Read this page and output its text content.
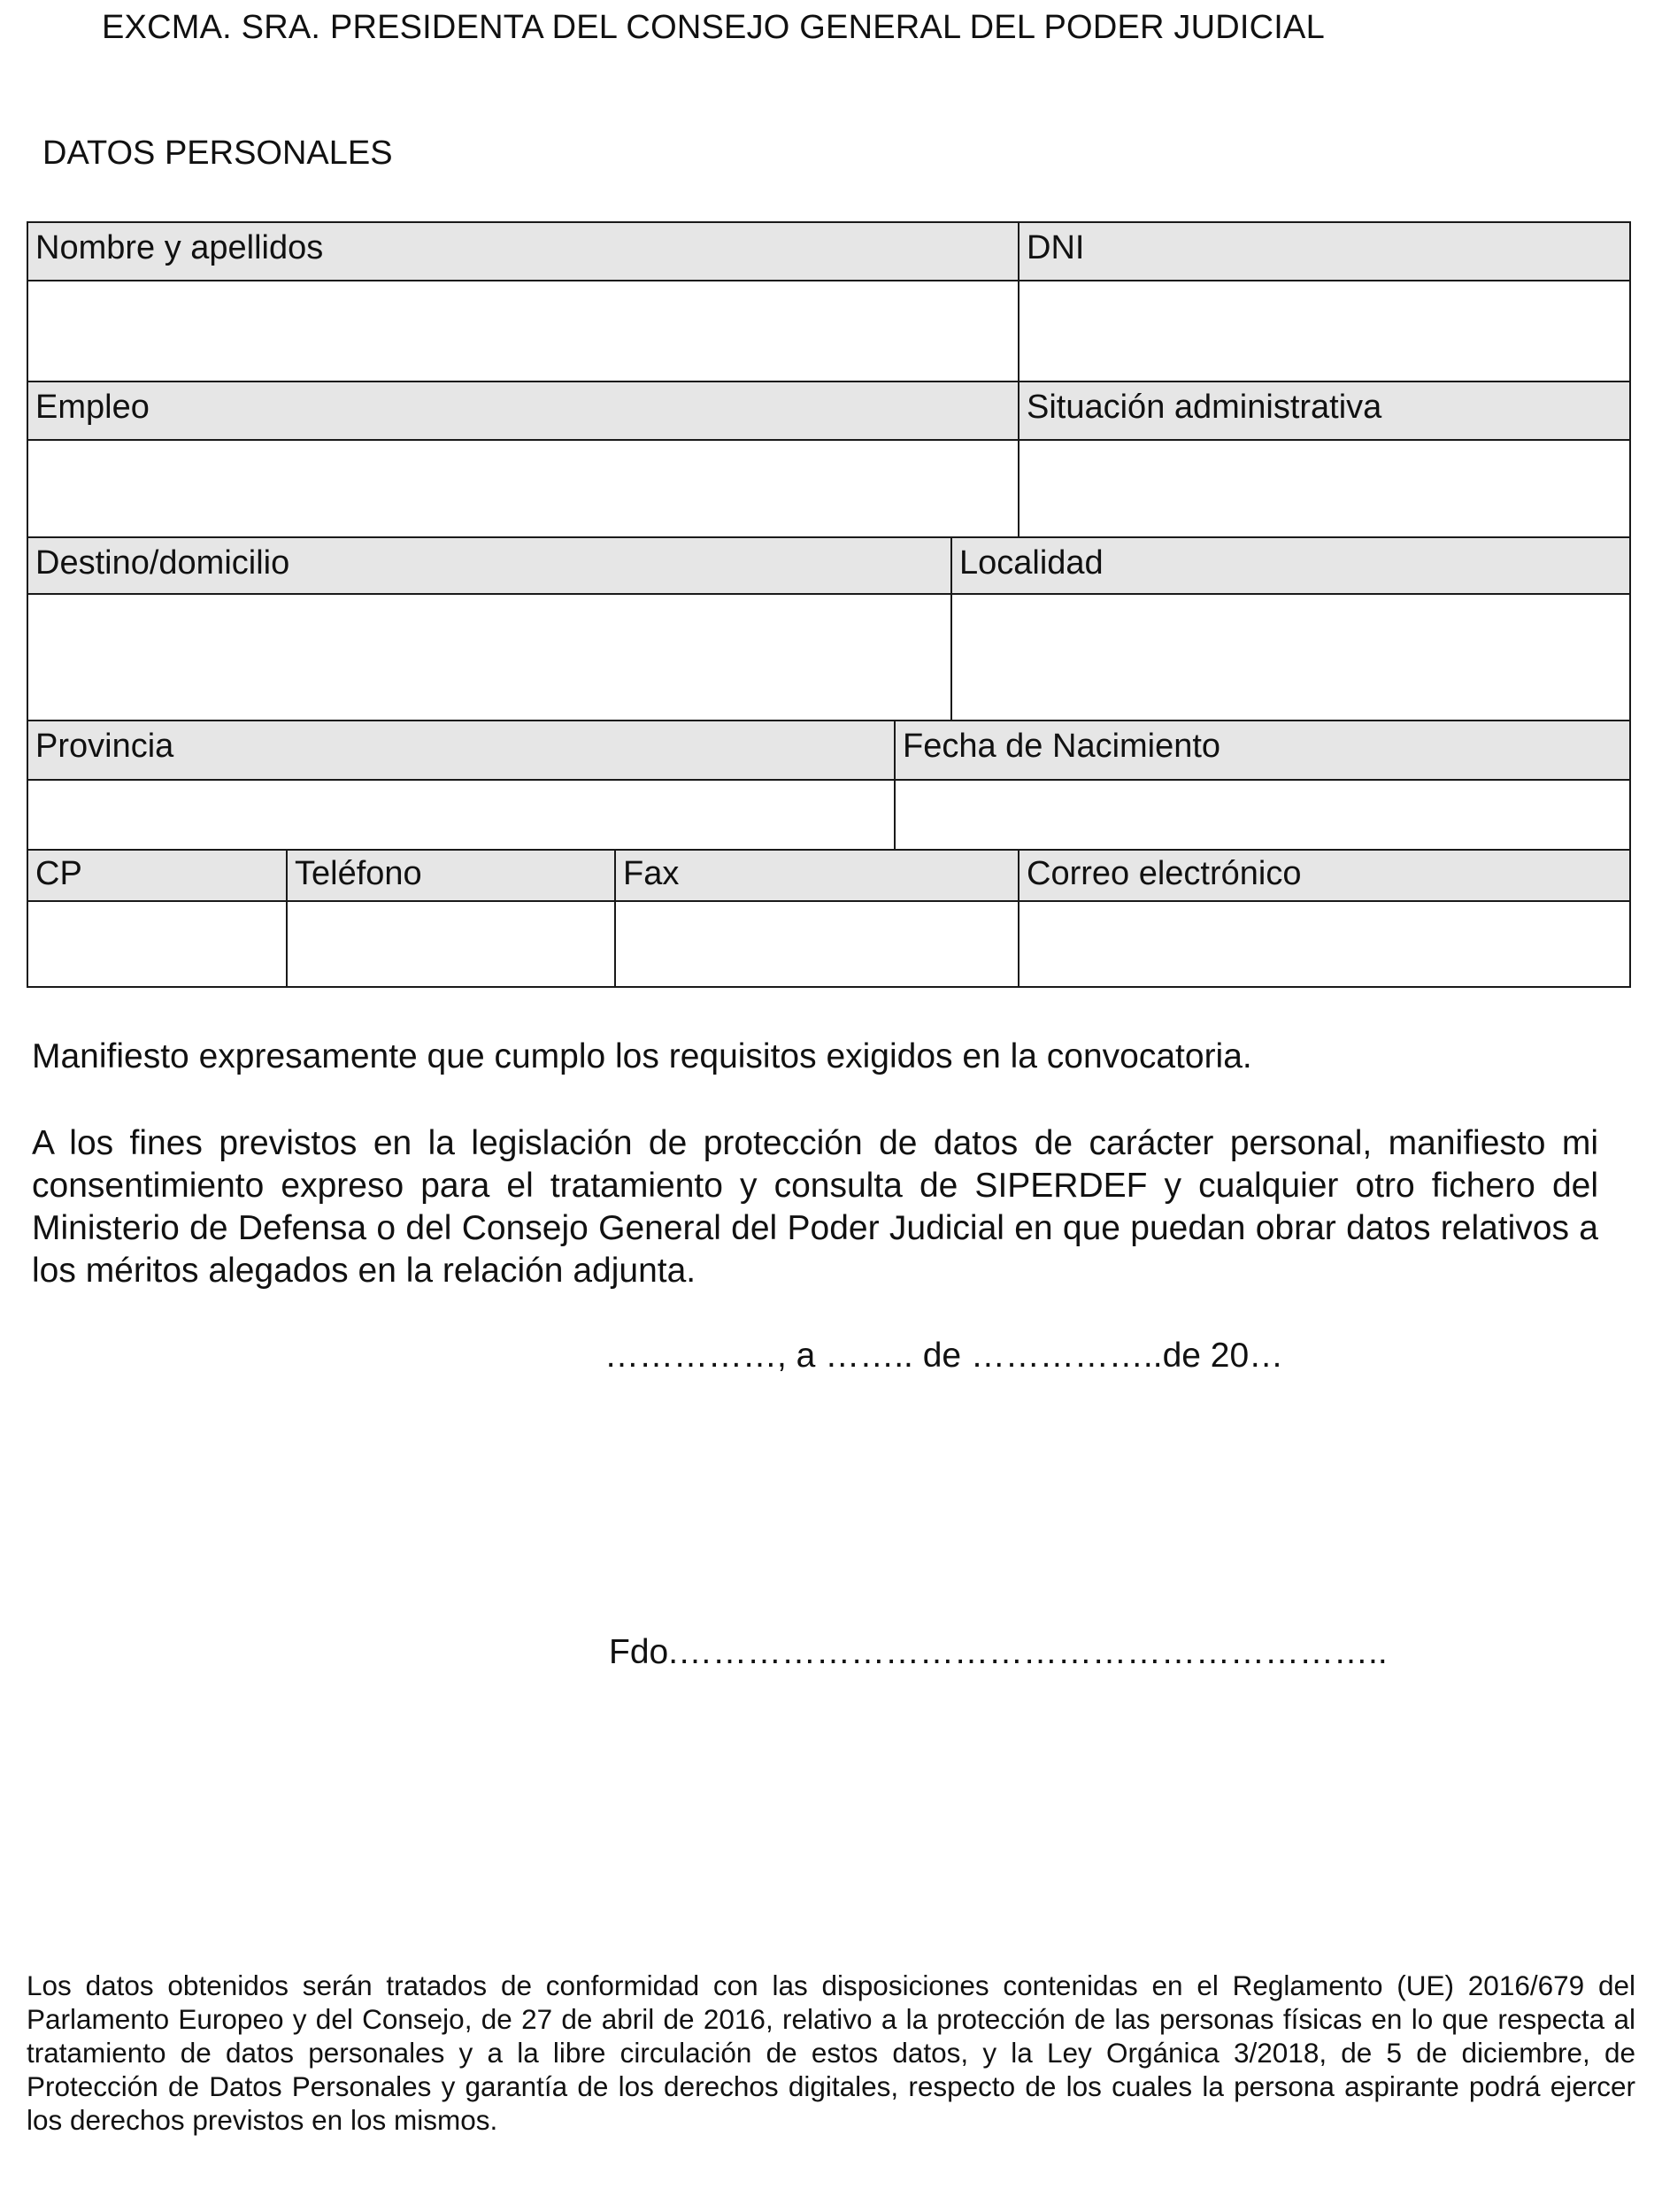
EXCMA. SRA. PRESIDENTA DEL CONSEJO GENERAL DEL PODER JUDICIAL
DATOS PERSONALES
Nombre y apellidos	DNI
Empleo	Situación administrativa
Destino/domicilio	Localidad
Provincia	Fecha de Nacimiento
CP	Teléfono	Fax	Correo electrónico
Manifiesto expresamente que cumplo los requisitos exigidos en la convocatoria.
A los fines previstos en la legislación de protección de datos de carácter personal, manifiesto mi consentimiento expreso para el tratamiento y consulta de SIPERDEF y cualquier otro fichero del Ministerio de Defensa o del Consejo General del Poder Judicial en que puedan obrar datos relativos a los méritos alegados en la relación adjunta.
……………, a …….. de ……………..de 20…
Fdo.……………………………………………………..
Los datos obtenidos serán tratados de conformidad con las disposiciones contenidas en el Reglamento (UE) 2016/679 del Parlamento Europeo y del Consejo, de 27 de abril de 2016, relativo a la protección de las personas físicas en lo que respecta al tratamiento de datos personales y a la libre circulación de estos datos, y la Ley Orgánica 3/2018, de 5 de diciembre, de Protección de Datos Personales y garantía de los derechos digitales, respecto de los cuales la persona aspirante podrá ejercer los derechos previstos en los mismos.
